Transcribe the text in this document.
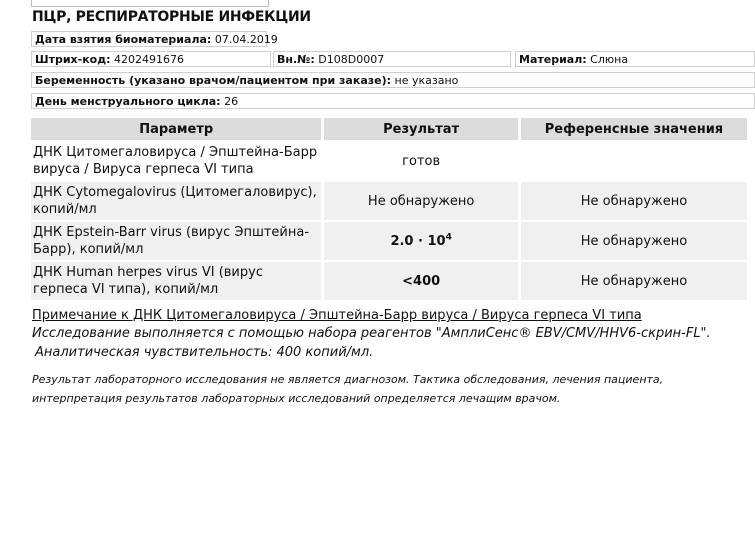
ПЦР, РЕСПИРАТОРНЫЕ ИНФЕКЦИИ
Дата взятия биоматериала: 07.04.2019
Штрих-код: 4202491676	Вн.№: D108D0007	Материал: Слюна
Беременность (указано врачом/пациентом при заказе): не указано
День менструального цикла: 26
Параметр	Результат	Референсные значения
ДНК Цитомегаловируса / Эпштейна-Барр вируса / Вируса герпеса VI типа	готов	
ДНК Cytomegalovirus (Цитомегаловирус), копий/мл	Не обнаружено	Не обнаружено
ДНК Epstein-Barr virus (вирус Эпштейна-Барр), копий/мл	$2.0 \cdot 10^4$	Не обнаружено
ДНК Human herpes virus VI (вирус герпеса VI типа), копий/мл	<400	Не обнаружено
Примечание к ДНК Цитомегаловируса / Эпштейна-Барр вируса / Вируса герпеса VI типа
Исследование выполняется с помощью набора реагентов "АмплиСенс® EBV/CMV/HHV6-скрин-FL".
Аналитическая чувствительность: 400 копий/мл.
Результат лабораторного исследования не является диагнозом. Тактика обследования, лечения пациента, интерпретация результатов лабораторных исследований определяется лечащим врачом.
